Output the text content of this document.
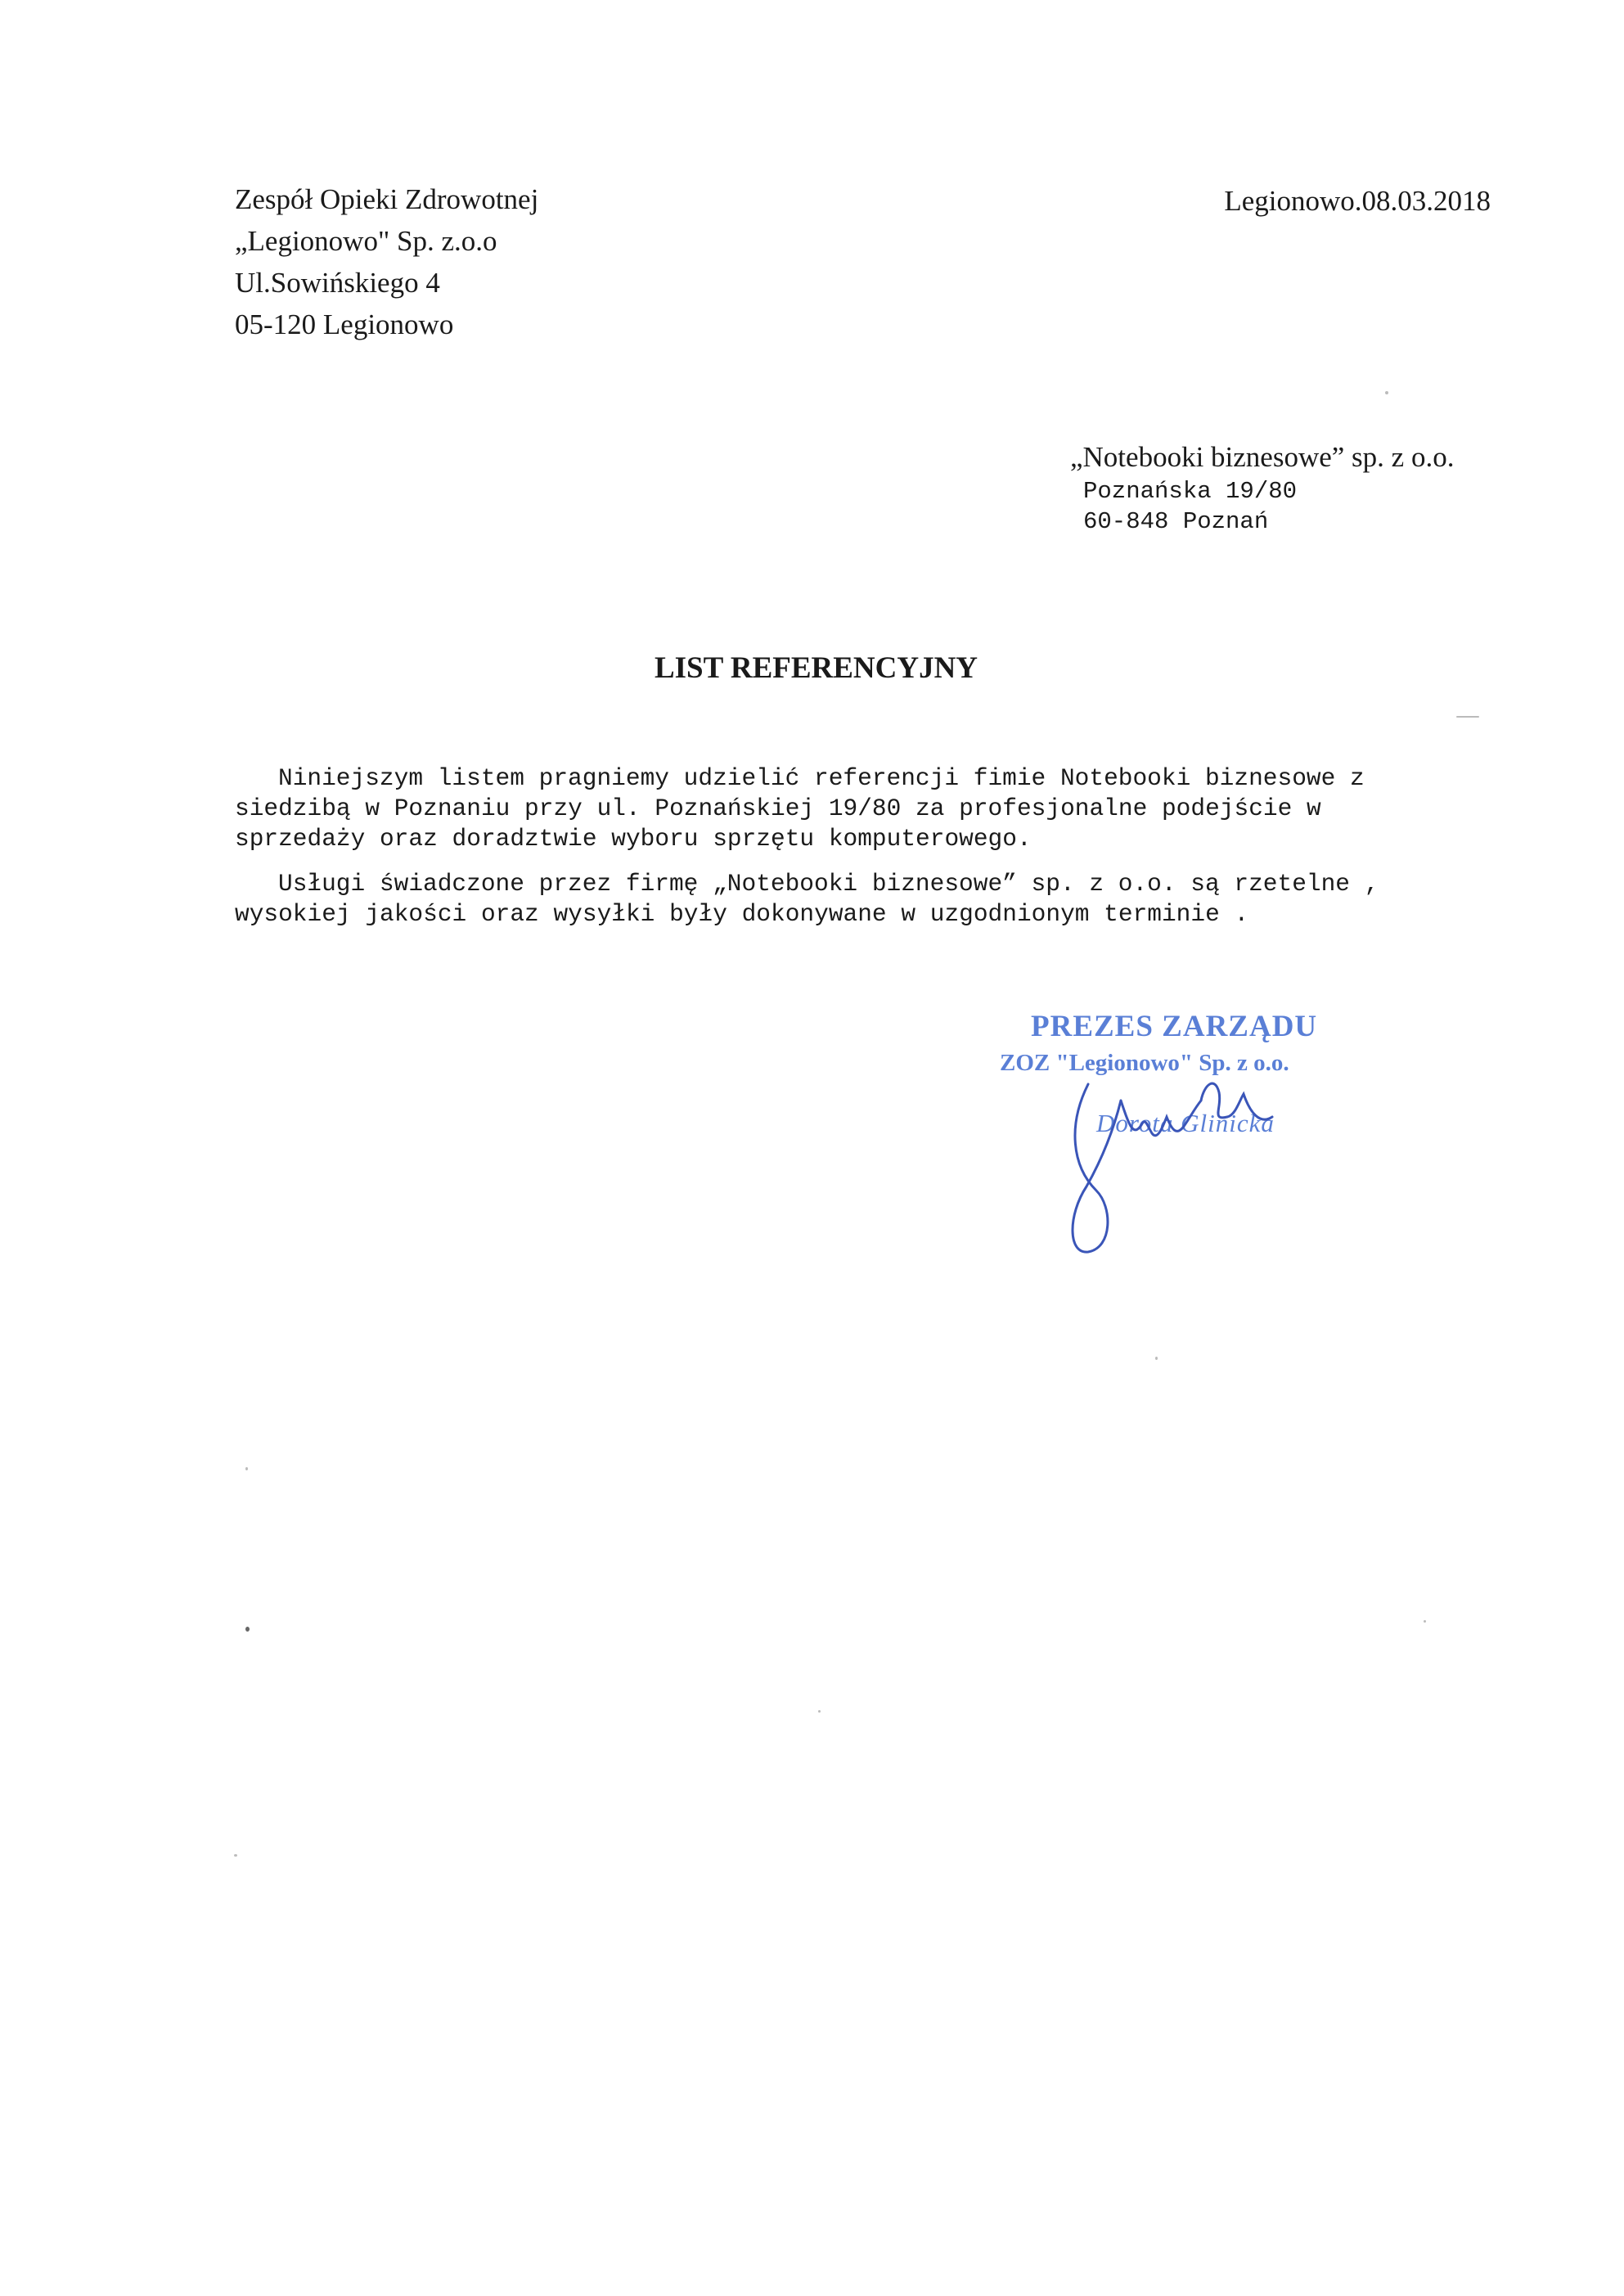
Zespół Opieki Zdrowotnej
„Legionowo" Sp. z.o.o
Ul.Sowińskiego 4
05-120 Legionowo
Legionowo.08.03.2018
„Notebooki biznesowe” sp. z o.o.
Poznańska 19/80
60-848 Poznań
LIST REFERENCYJNY

Niniejszym listem pragniemy udzielić referencji fimie Notebooki biznesowe z
siedzibą w Poznaniu przy ul. Poznańskiej 19/80 za profesjonalne podejście w
sprzedaży oraz doradztwie wyboru sprzętu komputerowego.

Usługi świadczone przez firmę „Notebooki biznesowe” sp. z o.o. są rzetelne ,
wysokiej jakości oraz wysyłki były dokonywane w uzgodnionym terminie .

PREZES ZARZĄDU
ZOZ "Legionowo" Sp. z o.o.
Dorota Glinicka
